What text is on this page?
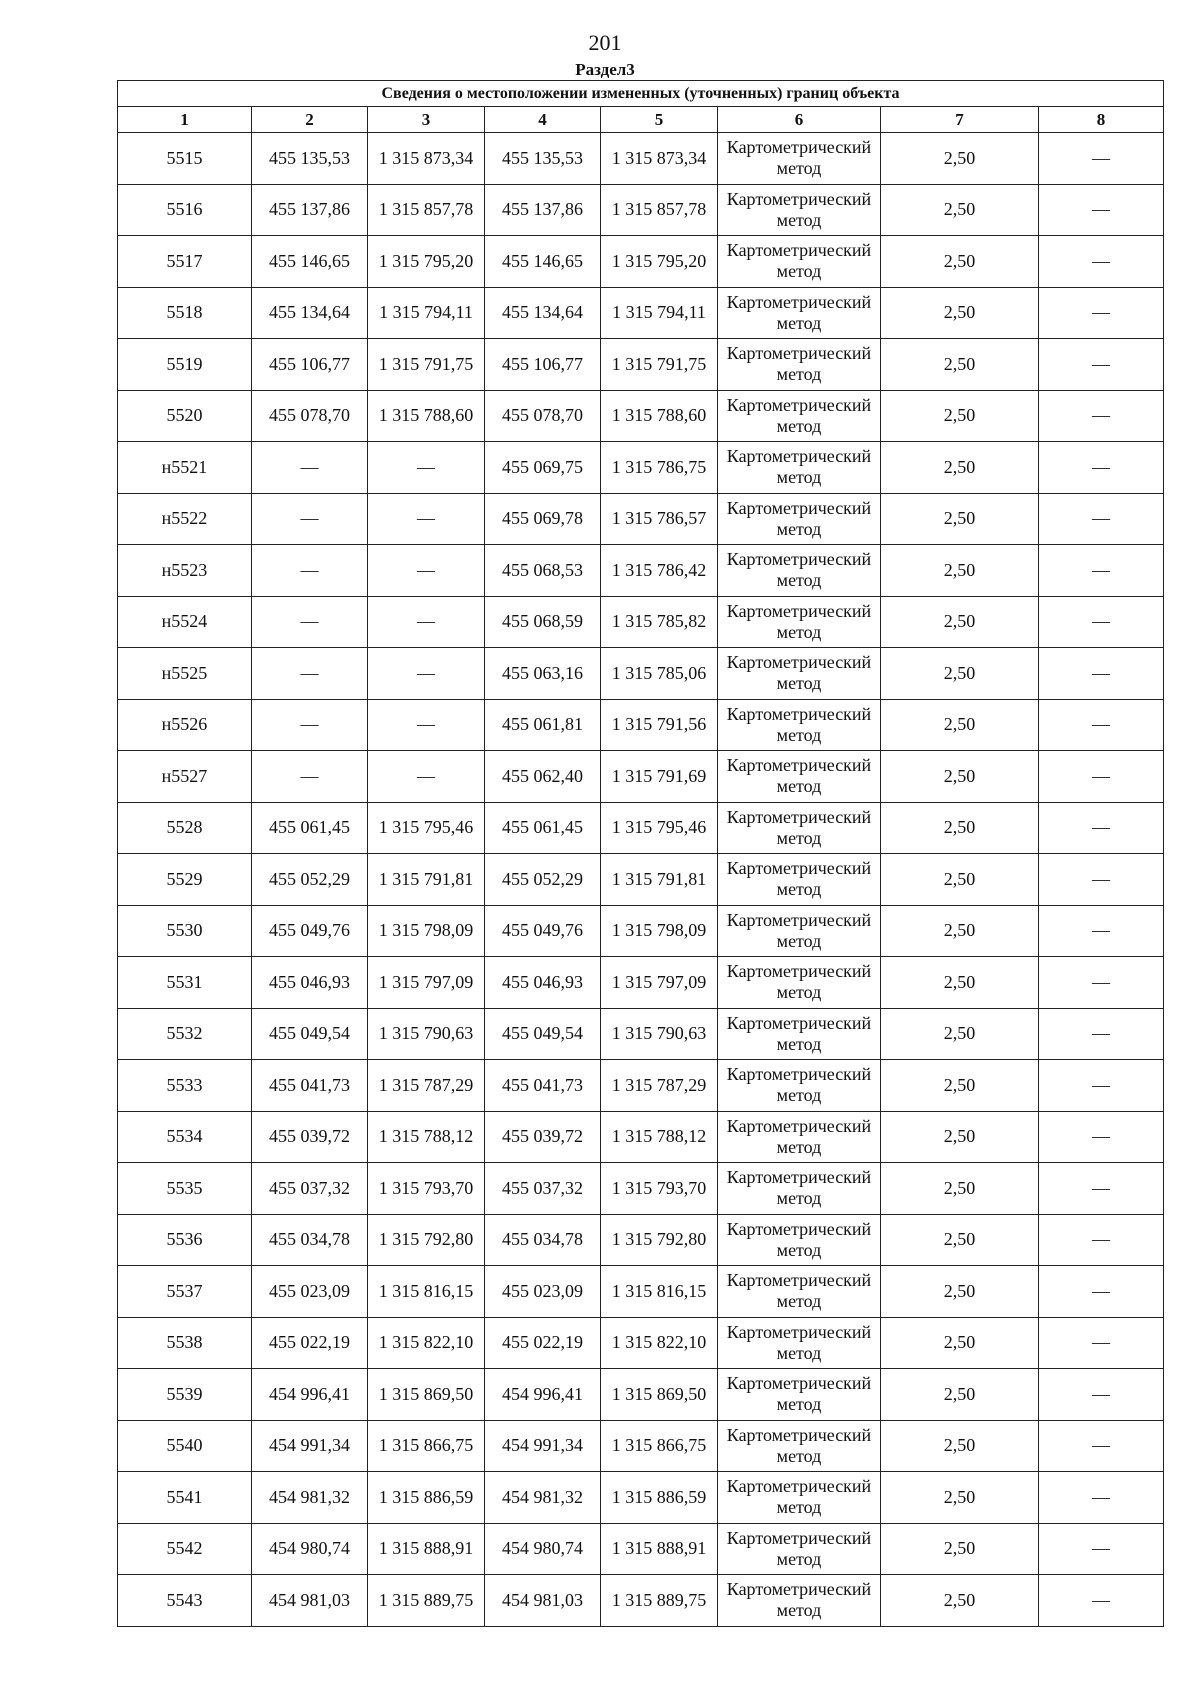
201
Раздел3
Сведения о местоположении измененных (уточненных) границ объекта							
1	2	3	4	5	6	7	8
5515	455 135,53	1 315 873,34	455 135,53	1 315 873,34	Картометрический метод	2,50	—
5516	455 137,86	1 315 857,78	455 137,86	1 315 857,78	Картометрический метод	2,50	—
5517	455 146,65	1 315 795,20	455 146,65	1 315 795,20	Картометрический метод	2,50	—
5518	455 134,64	1 315 794,11	455 134,64	1 315 794,11	Картометрический метод	2,50	—
5519	455 106,77	1 315 791,75	455 106,77	1 315 791,75	Картометрический метод	2,50	—
5520	455 078,70	1 315 788,60	455 078,70	1 315 788,60	Картометрический метод	2,50	—
н5521	—	—	455 069,75	1 315 786,75	Картометрический метод	2,50	—
н5522	—	—	455 069,78	1 315 786,57	Картометрический метод	2,50	—
н5523	—	—	455 068,53	1 315 786,42	Картометрический метод	2,50	—
н5524	—	—	455 068,59	1 315 785,82	Картометрический метод	2,50	—
н5525	—	—	455 063,16	1 315 785,06	Картометрический метод	2,50	—
н5526	—	—	455 061,81	1 315 791,56	Картометрический метод	2,50	—
н5527	—	—	455 062,40	1 315 791,69	Картометрический метод	2,50	—
5528	455 061,45	1 315 795,46	455 061,45	1 315 795,46	Картометрический метод	2,50	—
5529	455 052,29	1 315 791,81	455 052,29	1 315 791,81	Картометрический метод	2,50	—
5530	455 049,76	1 315 798,09	455 049,76	1 315 798,09	Картометрический метод	2,50	—
5531	455 046,93	1 315 797,09	455 046,93	1 315 797,09	Картометрический метод	2,50	—
5532	455 049,54	1 315 790,63	455 049,54	1 315 790,63	Картометрический метод	2,50	—
5533	455 041,73	1 315 787,29	455 041,73	1 315 787,29	Картометрический метод	2,50	—
5534	455 039,72	1 315 788,12	455 039,72	1 315 788,12	Картометрический метод	2,50	—
5535	455 037,32	1 315 793,70	455 037,32	1 315 793,70	Картометрический метод	2,50	—
5536	455 034,78	1 315 792,80	455 034,78	1 315 792,80	Картометрический метод	2,50	—
5537	455 023,09	1 315 816,15	455 023,09	1 315 816,15	Картометрический метод	2,50	—
5538	455 022,19	1 315 822,10	455 022,19	1 315 822,10	Картометрический метод	2,50	—
5539	454 996,41	1 315 869,50	454 996,41	1 315 869,50	Картометрический метод	2,50	—
5540	454 991,34	1 315 866,75	454 991,34	1 315 866,75	Картометрический метод	2,50	—
5541	454 981,32	1 315 886,59	454 981,32	1 315 886,59	Картометрический метод	2,50	—
5542	454 980,74	1 315 888,91	454 980,74	1 315 888,91	Картометрический метод	2,50	—
5543	454 981,03	1 315 889,75	454 981,03	1 315 889,75	Картометрический метод	2,50	—
